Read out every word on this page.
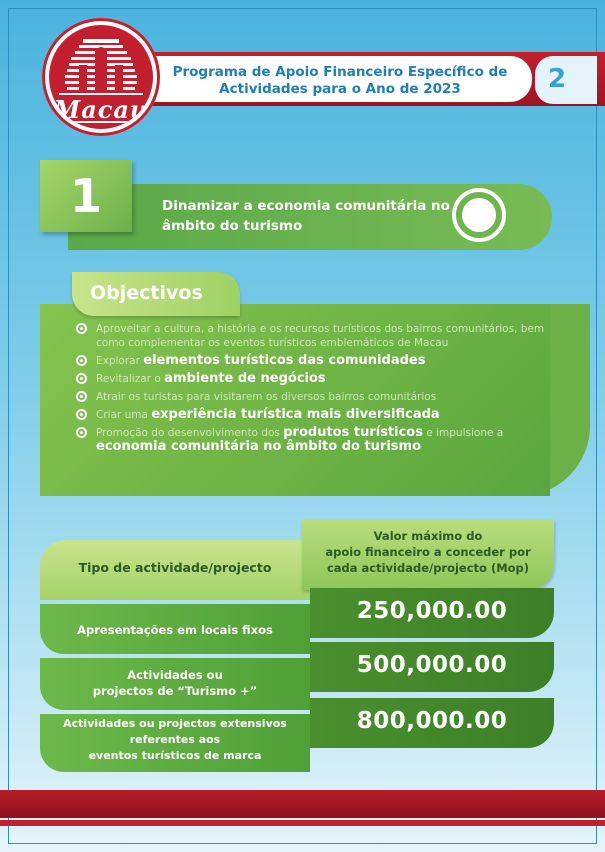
Programa de Apoio Financeiro Específico de
Actividades para o Ano de 2023	2
Macau
1	Dinamizar a economia comunitária no
âmbito do turismo
Objectivos
Aproveitar a cultura, a história e os recursos turísticos dos bairros comunitários, bem como complementar os eventos turísticos emblemáticos de Macau
Explorar elementos turísticos das comunidades
Revitalizar o ambiente de negócios
Atrair os turistas para visitarem os diversos bairros comunitários
Criar uma experiência turística mais diversificada
Promoção do desenvolvimento dos produtos turísticos e impulsione a
economia comunitária no âmbito do turismo
Tipo de actividade/projecto
Valor máximo do
apoio financeiro a conceder por
cada actividade/projecto (Mop)
Apresentações em locais fixos
250,000.00
Actividades ou
projectos de “Turismo +”
500,000.00
Actividades ou projectos extensivos
referentes aos
eventos turísticos de marca
800,000.00
